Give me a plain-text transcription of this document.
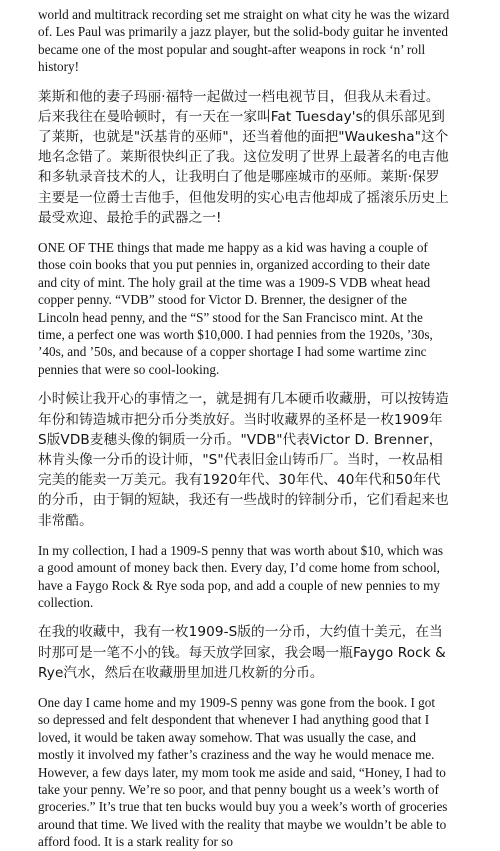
world and multitrack recording set me straight on what city he was the wizard of. Les Paul was primarily a jazz player, but the solid-body guitar he invented became one of the most popular and sought-after weapons in rock ‘n’ roll history!

莱斯和他的妻子玛丽·福特一起做过一档电视节目，但我从未看过。后来我往在曼哈顿时，有一天在一家叫Fat Tuesday's的俱乐部见到了莱斯，也就是"沃基肯的巫师"，还当着他的面把"Waukesha"这个地名念错了。莱斯很快纠正了我。这位发明了世界上最著名的电吉他和多轨录音技术的人，让我明白了他是哪座城市的巫师。莱斯·保罗主要是一位爵士吉他手，但他发明的实心电吉他却成了摇滚乐历史上最受欢迎、最抢手的武器之一!

ONE OF THE things that made me happy as a kid was having a couple of those coin books that you put pennies in, organized according to their date and city of mint. The holy grail at the time was a 1909-S VDB wheat head copper penny. “VDB” stood for Victor D. Brenner, the designer of the Lincoln head penny, and the “S” stood for the San Francisco mint. At the time, a perfect one was worth $10,000. I had pennies from the 1920s, ’30s, ’40s, and ’50s, and because of a copper shortage I had some wartime zinc pennies that were so cool-looking.

小时候让我开心的事情之一，就是拥有几本硬币收藏册，可以按铸造年份和铸造城市把分币分类放好。当时收藏界的圣杯是一枚1909年S版VDB麦穗头像的铜质一分币。"VDB"代表Victor D. Brenner，林肯头像一分币的设计师，"S"代表旧金山铸币厂。当时，一枚品相完美的能卖一万美元。我有1920年代、30年代、40年代和50年代的分币，由于铜的短缺，我还有一些战时的锌制分币，它们看起来也非常酷。

In my collection, I had a 1909-S penny that was worth about $10, which was a good amount of money back then. Every day, I’d come home from school, have a Faygo Rock & Rye soda pop, and add a couple of new pennies to my collection.

在我的收藏中，我有一枚1909-S版的一分币，大约值十美元，在当时那可是一笔不小的钱。每天放学回家，我会喝一瓶Faygo Rock & Rye汽水，然后在收藏册里加进几枚新的分币。

One day I came home and my 1909-S penny was gone from the book. I got so depressed and felt despondent that whenever I had anything good that I loved, it would be taken away somehow. That was usually the case, and mostly it involved my father’s craziness and the way he would menace me. However, a few days later, my mom took me aside and said, “Honey, I had to take your penny. We’re so poor, and that penny bought us a week’s worth of groceries.” It’s true that ten bucks would buy you a week’s worth of groceries around that time. We lived with the reality that maybe we wouldn’t be able to afford food. It is a stark reality for so
